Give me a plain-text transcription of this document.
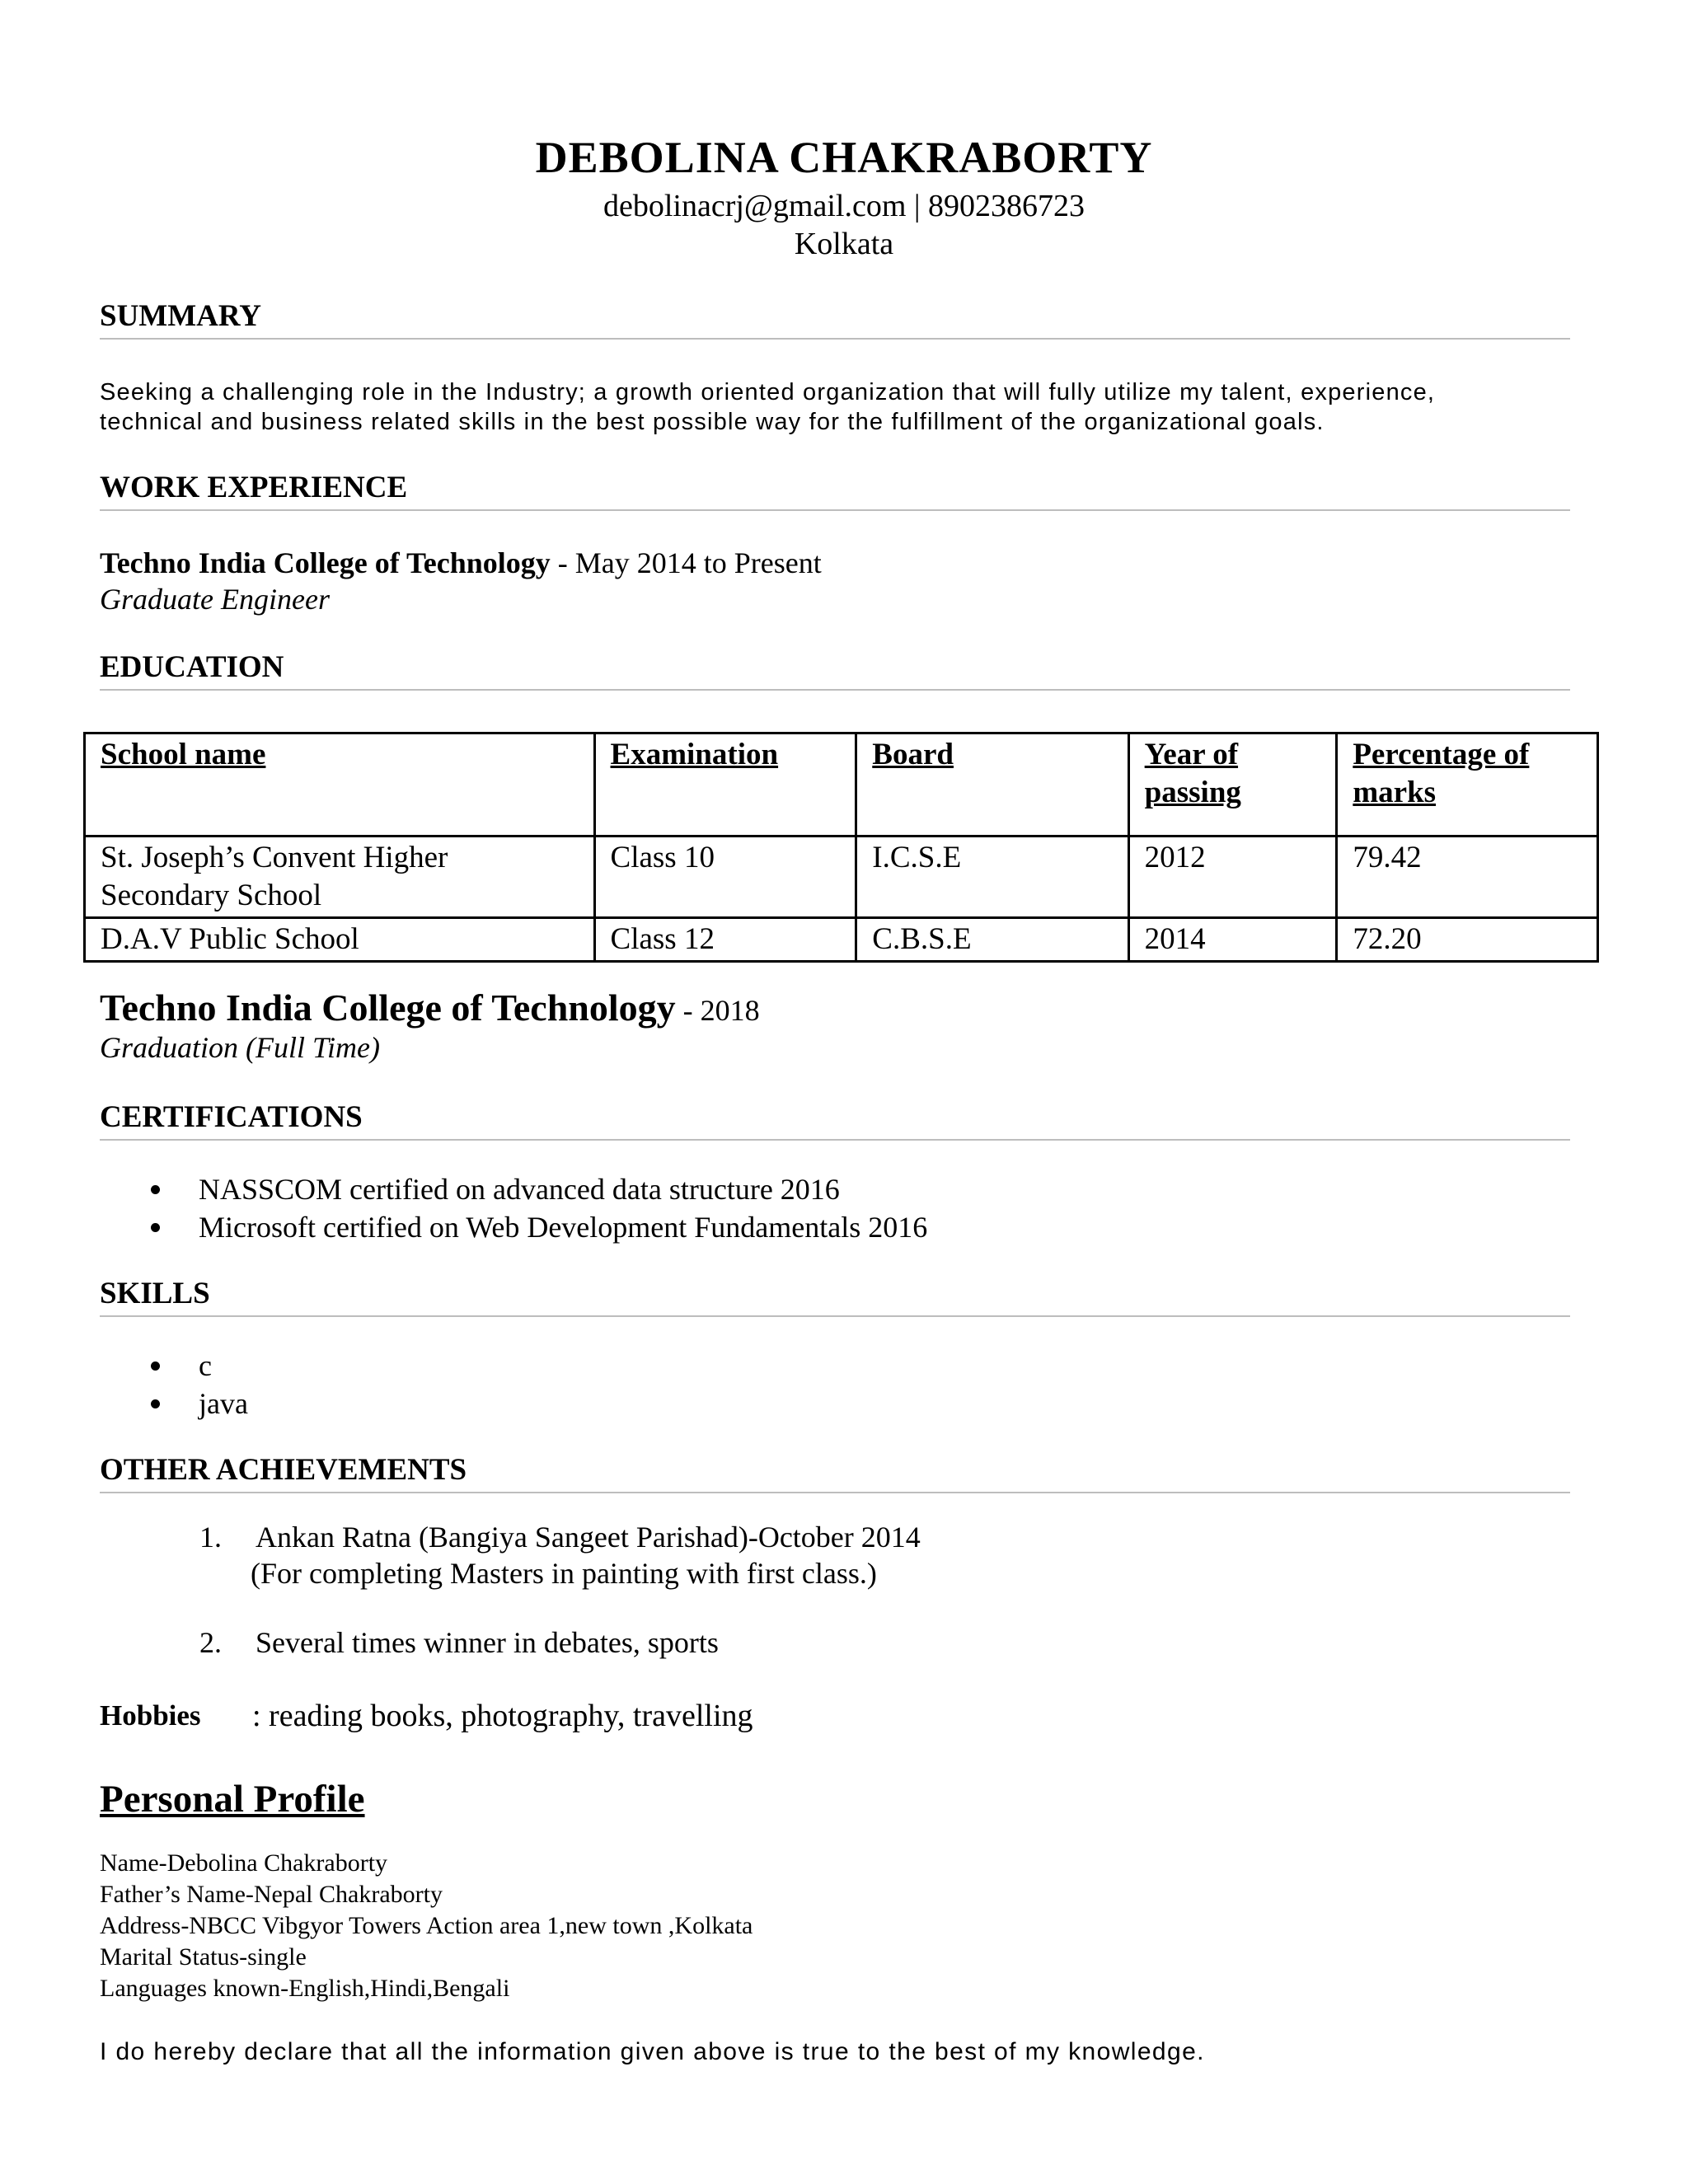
DEBOLINA CHAKRABORTY
debolinacrj@gmail.com | 8902386723
Kolkata
SUMMARY
Seeking a challenging role in the Industry; a growth oriented organization that will fully utilize my talent, experience,
technical and business related skills in the best possible way for the fulfillment of the organizational goals.
WORK EXPERIENCE
Techno India College of Technology - May 2014 to Present
Graduate Engineer
EDUCATION
School name	Examination	Board	Year of passing	Percentage of marks
St. Joseph’s Convent Higher Secondary School	Class 10	I.C.S.E	2012	79.42
D.A.V Public School	Class 12	C.B.S.E	2014	72.20
Techno India College of Technology - 2018
Graduation (Full Time)
CERTIFICATIONS
NASSCOM certified on advanced data structure 2016
Microsoft certified on Web Development Fundamentals 2016
SKILLS
c
java
OTHER ACHIEVEMENTS
1. Ankan Ratna (Bangiya Sangeet Parishad)-October 2014
(For completing Masters in painting with first class.)
2. Several times winner in debates, sports
Hobbies : reading books, photography, travelling
Personal Profile
Name-Debolina Chakraborty
Father’s Name-Nepal Chakraborty
Address-NBCC Vibgyor Towers Action area 1,new town ,Kolkata
Marital Status-single
Languages known-English,Hindi,Bengali
I do hereby declare that all the information given above is true to the best of my knowledge.
